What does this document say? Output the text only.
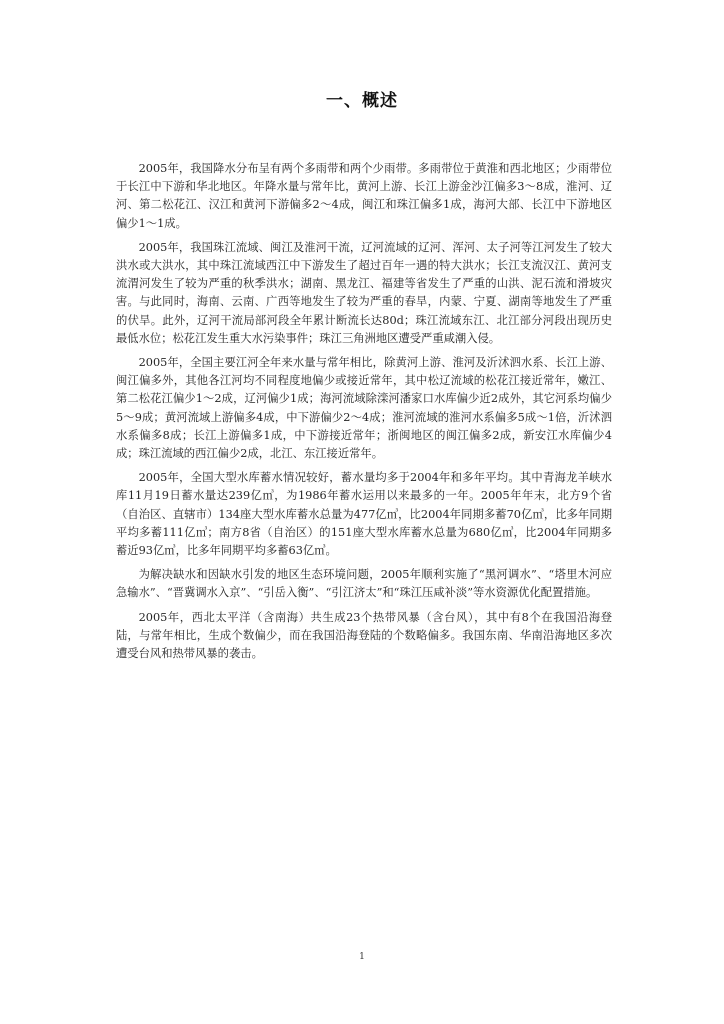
一、概述

2005年，我国降水分布呈有两个多雨带和两个少雨带。多雨带位于黄淮和西北地区；少雨带位于长江中下游和华北地区。年降水量与常年比，黄河上游、长江上游金沙江偏多3～8成，淮河、辽河、第二松花江、汉江和黄河下游偏多2～4成，闽江和珠江偏多1成，海河大部、长江中下游地区偏少1～1成。

2005年，我国珠江流域、闽江及淮河干流，辽河流域的辽河、浑河、太子河等江河发生了较大洪水或大洪水，其中珠江流域西江中下游发生了超过百年一遇的特大洪水；长江支流汉江、黄河支流渭河发生了较为严重的秋季洪水；湖南、黑龙江、福建等省发生了严重的山洪、泥石流和滑坡灾害。与此同时，海南、云南、广西等地发生了较为严重的春旱，内蒙、宁夏、湖南等地发生了严重的伏旱。此外，辽河干流局部河段全年累计断流长达80d；珠江流域东江、北江部分河段出现历史最低水位；松花江发生重大水污染事件；珠江三角洲地区遭受严重咸潮入侵。

2005年，全国主要江河全年来水量与常年相比，除黄河上游、淮河及沂沭泗水系、长江上游、闽江偏多外，其他各江河均不同程度地偏少或接近常年，其中松辽流域的松花江接近常年，嫩江、第二松花江偏少1～2成，辽河偏少1成；海河流域除滦河潘家口水库偏少近2成外，其它河系均偏少5～9成；黄河流域上游偏多4成，中下游偏少2～4成；淮河流域的淮河水系偏多5成～1倍，沂沭泗水系偏多8成；长江上游偏多1成，中下游接近常年；浙闽地区的闽江偏多2成，新安江水库偏少4成；珠江流域的西江偏少2成，北江、东江接近常年。

2005年，全国大型水库蓄水情况较好，蓄水量均多于2004年和多年平均。其中青海龙羊峡水库11月19日蓄水量达239亿㎥，为1986年蓄水运用以来最多的一年。2005年年末，北方9个省（自治区、直辖市）134座大型水库蓄水总量为477亿㎥，比2004年同期多蓄70亿㎥，比多年同期平均多蓄111亿㎥；南方8省（自治区）的151座大型水库蓄水总量为680亿㎥，比2004年同期多蓄近93亿㎥，比多年同期平均多蓄63亿㎥。

为解决缺水和因缺水引发的地区生态环境问题，2005年顺利实施了“黑河调水”、“塔里木河应急输水”、“晋冀调水入京”、“引岳入衡”、“引江济太”和“珠江压咸补淡”等水资源优化配置措施。

2005年，西北太平洋（含南海）共生成23个热带风暴（含台风），其中有8个在我国沿海登陆，与常年相比，生成个数偏少，而在我国沿海登陆的个数略偏多。我国东南、华南沿海地区多次遭受台风和热带风暴的袭击。

1
